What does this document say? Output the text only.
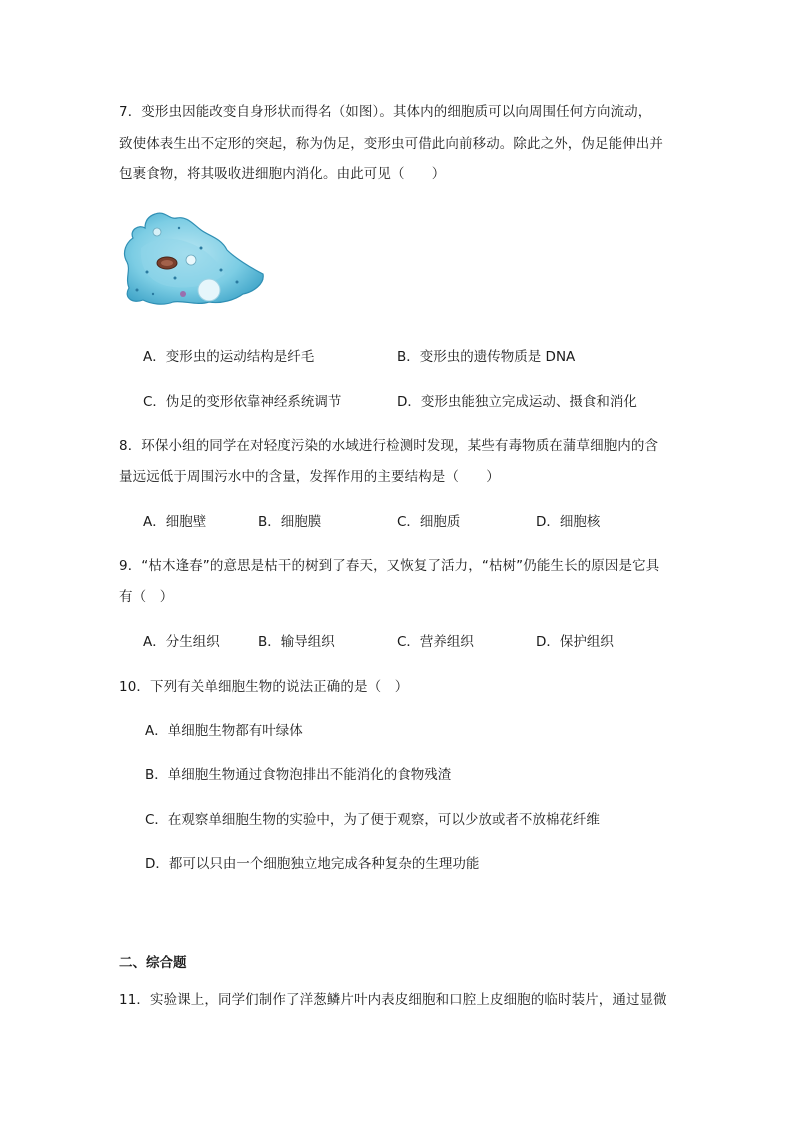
7．变形虫因能改变自身形状而得名（如图）。其体内的细胞质可以向周围任何方向流动，
致使体表生出不定形的突起，称为伪足，变形虫可借此向前移动。除此之外，伪足能伸出并
包裹食物，将其吸收进细胞内消化。由此可见（　　）
A．变形虫的运动结构是纤毛	B．变形虫的遗传物质是 DNA
C．伪足的变形依靠神经系统调节	D．变形虫能独立完成运动、摄食和消化
8．环保小组的同学在对轻度污染的水域进行检测时发现，某些有毒物质在蒲草细胞内的含
量远远低于周围污水中的含量，发挥作用的主要结构是（　　）
A．细胞壁	B．细胞膜	C．细胞质	D．细胞核
9．“枯木逢春”的意思是枯干的树到了春天，又恢复了活力，“枯树”仍能生长的原因是它具
有（　）
A．分生组织	B．输导组织	C．营养组织	D．保护组织
10．下列有关单细胞生物的说法正确的是（　）
A．单细胞生物都有叶绿体
B．单细胞生物通过食物泡排出不能消化的食物残渣
C．在观察单细胞生物的实验中，为了便于观察，可以少放或者不放棉花纤维
D．都可以只由一个细胞独立地完成各种复杂的生理功能
二、综合题
11．实验课上，同学们制作了洋葱鳞片叶内表皮细胞和口腔上皮细胞的临时装片，通过显微
